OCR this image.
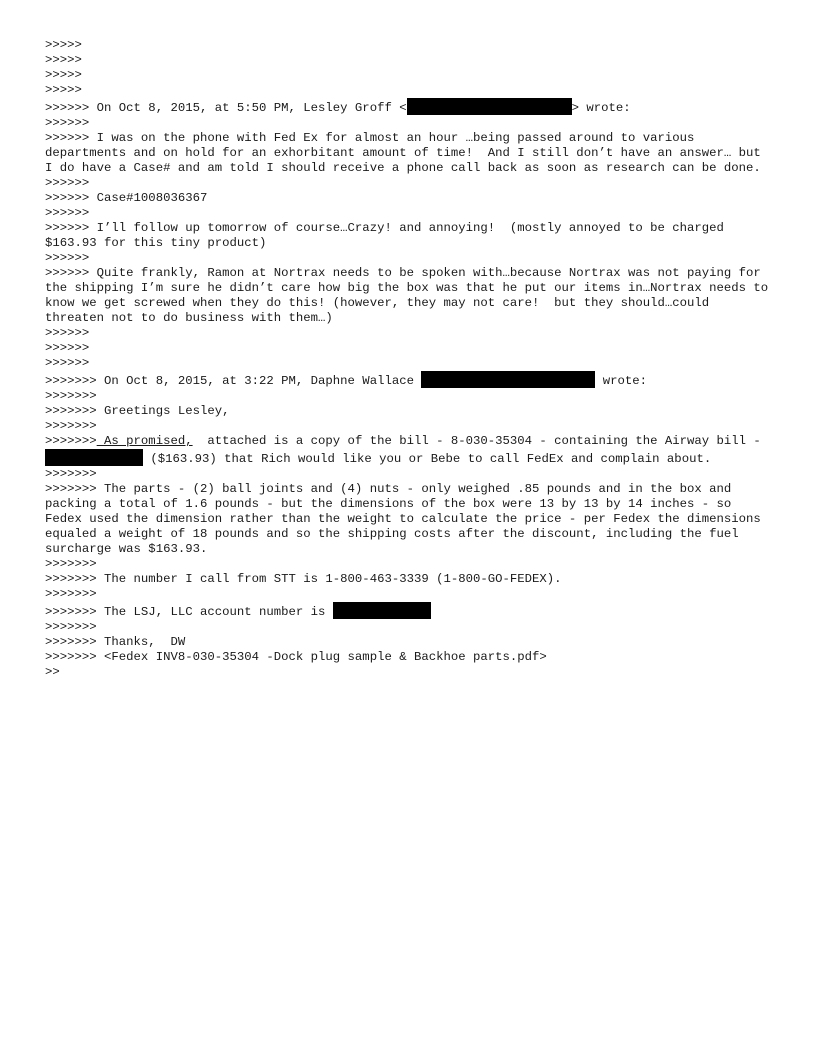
>>>>>
>>>>>
>>>>>
>>>>>
>>>>>> On Oct 8, 2015, at 5:50 PM, Lesley Groff <	> wrote:
>>>>>>
>>>>>> I was on the phone with Fed Ex for almost an hour …being passed around to various departments and on hold for an exhorbitant amount of time!  And I still don’t have an answer… but  I do have a Case# and am told I should receive a phone call back as soon as research can be done.
>>>>>>
>>>>>> Case#1008036367
>>>>>>
>>>>>> I’ll follow up tomorrow of course…Crazy! and annoying!  (mostly annoyed to be charged $163.93 for this tiny product)
>>>>>>
>>>>>> Quite frankly, Ramon at Nortrax needs to be spoken with…because Nortrax was not paying for the shipping I’m sure he didn’t care how big the box was that he put our items in…Nortrax needs to know we get screwed when they do this! (however, they may not care!  but they should…could threaten not to do business with them…)
>>>>>>
>>>>>>
>>>>>>
>>>>>>> On Oct 8, 2015, at 3:22 PM, Daphne Wallace	wrote:
>>>>>>>
>>>>>>> Greetings Lesley,
>>>>>>>
>>>>>>> As promised,  attached is a copy of the bill - 8-030-35304 - containing the Airway bill -  ($163.93) that Rich would like you or Bebe to call FedEx and complain about.
>>>>>>>
>>>>>>> The parts - (2) ball joints and (4) nuts - only weighed .85 pounds and in the box and packing a total of 1.6 pounds - but the dimensions of the box were 13 by 13 by 14 inches - so Fedex used the dimension rather than the weight to calculate the price - per Fedex the dimensions equaled a weight of 18 pounds and so the shipping costs after the discount, including the fuel surcharge was $163.93.
>>>>>>>
>>>>>>> The number I call from STT is 1-800-463-3339 (1-800-GO-FEDEX).
>>>>>>>
>>>>>>> The LSJ, LLC account number is
>>>>>>>
>>>>>>> Thanks,  DW
>>>>>>> <Fedex INV8-030-35304 -Dock plug sample & Backhoe parts.pdf>
>>
